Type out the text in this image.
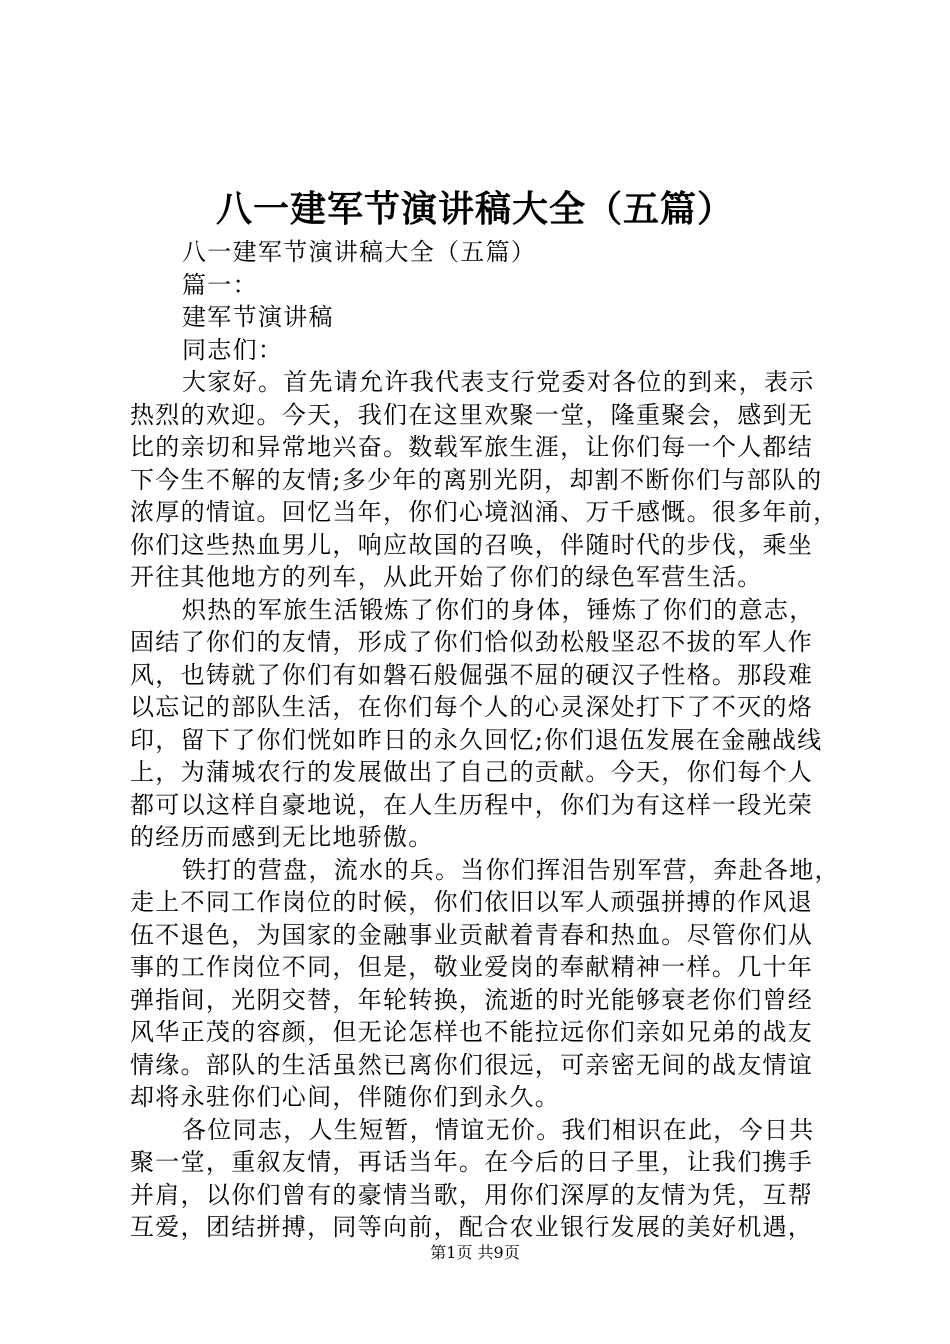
八一建军节演讲稿大全（五篇）
八一建军节演讲稿大全（五篇）
篇一：
建军节演讲稿
同志们：
大家好。首先请允许我代表支行党委对各位的到来，表示
热烈的欢迎。今天，我们在这里欢聚一堂，隆重聚会，感到无
比的亲切和异常地兴奋。数载军旅生涯，让你们每一个人都结
下今生不解的友情;多少年的离别光阴，却割不断你们与部队的
浓厚的情谊。回忆当年，你们心境汹涌、万千感慨。很多年前，
你们这些热血男儿，响应故国的召唤，伴随时代的步伐，乘坐
开往其他地方的列车，从此开始了你们的绿色军营生活。
炽热的军旅生活锻炼了你们的身体，锤炼了你们的意志，
固结了你们的友情，形成了你们恰似劲松般坚忍不拔的军人作
风，也铸就了你们有如磐石般倔强不屈的硬汉子性格。那段难
以忘记的部队生活，在你们每个人的心灵深处打下了不灭的烙
印，留下了你们恍如昨日的永久回忆;你们退伍发展在金融战线
上，为蒲城农行的发展做出了自己的贡献。今天，你们每个人
都可以这样自豪地说，在人生历程中，你们为有这样一段光荣
的经历而感到无比地骄傲。
铁打的营盘，流水的兵。当你们挥泪告别军营，奔赴各地，
走上不同工作岗位的时候，你们依旧以军人顽强拼搏的作风退
伍不退色，为国家的金融事业贡献着青春和热血。尽管你们从
事的工作岗位不同，但是，敬业爱岗的奉献精神一样。几十年
弹指间，光阴交替，年轮转换，流逝的时光能够衰老你们曾经
风华正茂的容颜，但无论怎样也不能拉远你们亲如兄弟的战友
情缘。部队的生活虽然已离你们很远，可亲密无间的战友情谊
却将永驻你们心间，伴随你们到永久。
各位同志，人生短暂，情谊无价。我们相识在此，今日共
聚一堂，重叙友情，再话当年。在今后的日子里，让我们携手
并肩，以你们曾有的豪情当歌，用你们深厚的友情为凭，互帮
互爱，团结拼搏，同等向前，配合农业银行发展的美好机遇，
第1页 共9页
